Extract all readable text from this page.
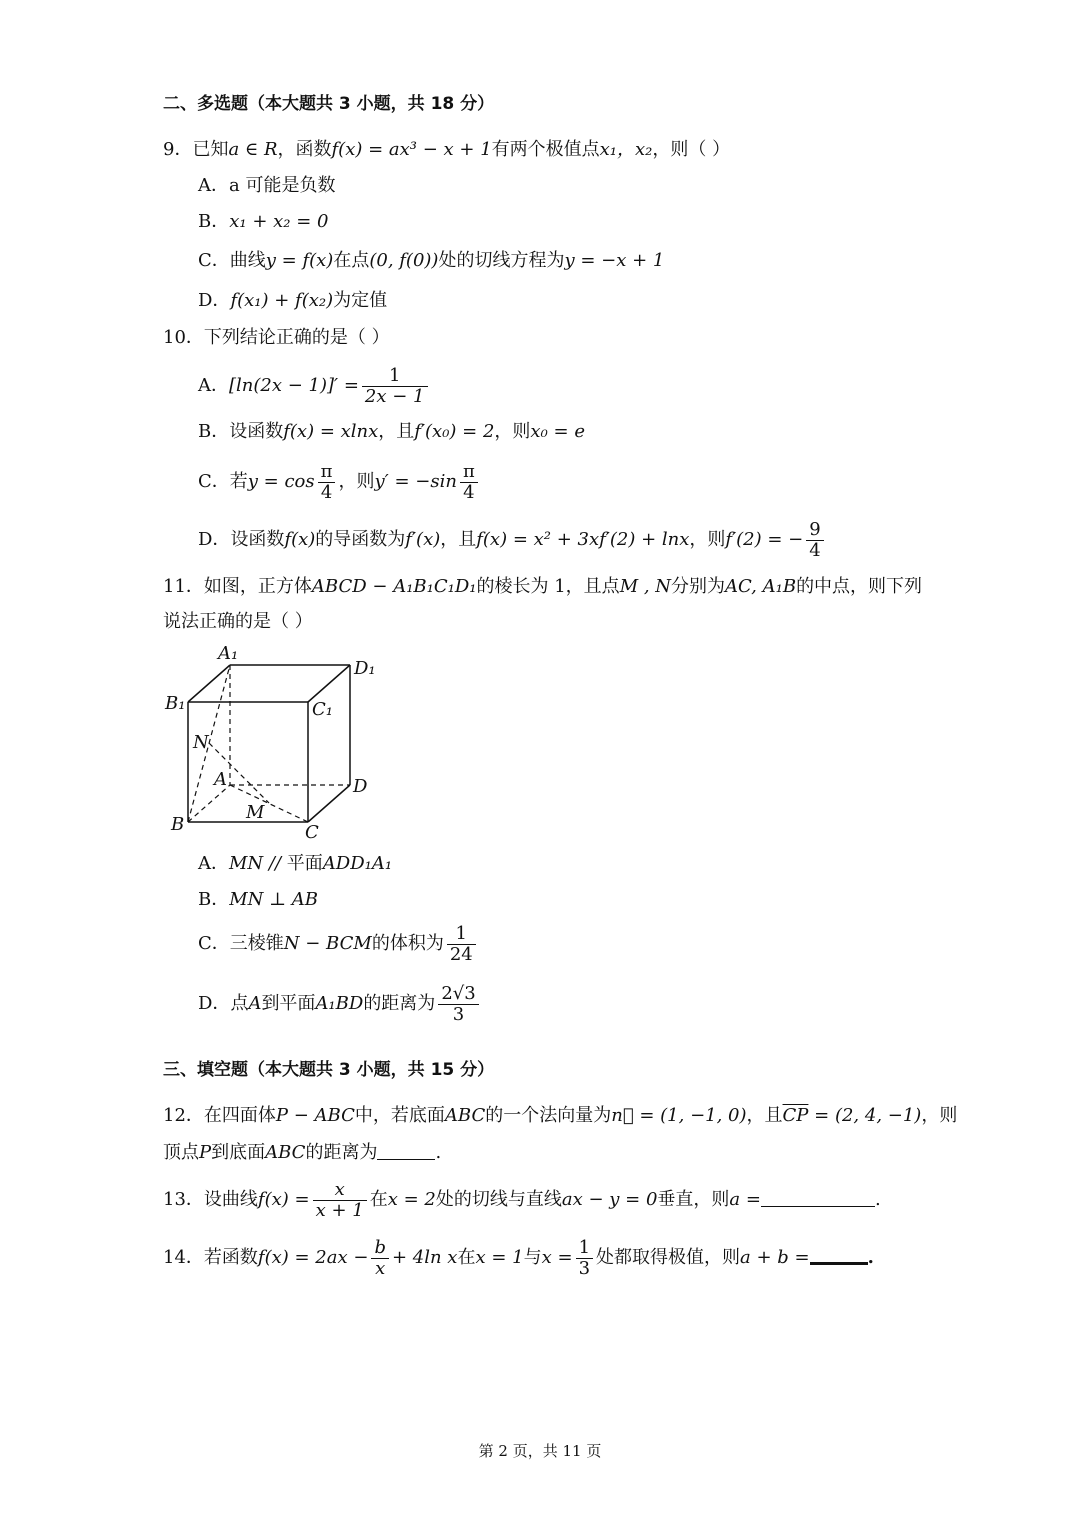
二、多选题（本大题共 3 小题，共 18 分）
9．已知a ∈ R，函数f(x) = ax³ − x + 1有两个极值点x₁，x₂，则（ ）
A．a 可能是负数
B．x₁ + x₂ = 0
C．曲线y = f(x)在点(0, f(0))处的切线方程为y = −x + 1
D．f(x₁) + f(x₂)为定值
10．下列结论正确的是（ ）
A．$[\ln(2x - 1)]' = \frac{1}{2x - 1}$
B．设函数f(x) = xlnx，且f′(x₀) = 2，则x₀ = e
C．若$y = \cos \frac{\pi}{4}$ ，则$y' = -\sin \frac{\pi}{4}$
D．设函数f(x)的导函数为f′(x)，且f(x) = x² + 3xf′(2) + lnx，则f′(2) = − $\frac{9}{4}$
11．如图，正方体ABCD − A₁B₁C₁D₁的棱长为 1，且点M , N分别为AC, A₁B的中点，则下列
说法正确的是（ ）
A₁
D₁
B₁	C₁
N
A	D
M
B	C
A．MN // 平面ADD₁A₁
B．MN ⊥ AB
C．三棱锥N − BCM的体积为 $\frac{1}{24}$
D．点A到平面A₁BD的距离为 $\frac{2√3}{3}$
三、填空题（本大题共 3 小题，共 15 分）
12．在四面体P − ABC中，若底面ABC的一个法向量为n⃗ = (1, −1, 0)，且$\overline{CP} = (2$, 4, −1)，则
顶点P到底面ABC的距离为	.
13．设曲线$f(x) = \frac{x}{x + 1}$ 在x = 2处的切线与直线ax − y = 0垂直，则a =	.
14．若函数$f(x) = 2ax - \frac{b}{x} + 4\ln$ x在x = 1与$x = \frac{1}{3}$ 处都取得极值，则a + b =	.
第 2 页，共 11 页
